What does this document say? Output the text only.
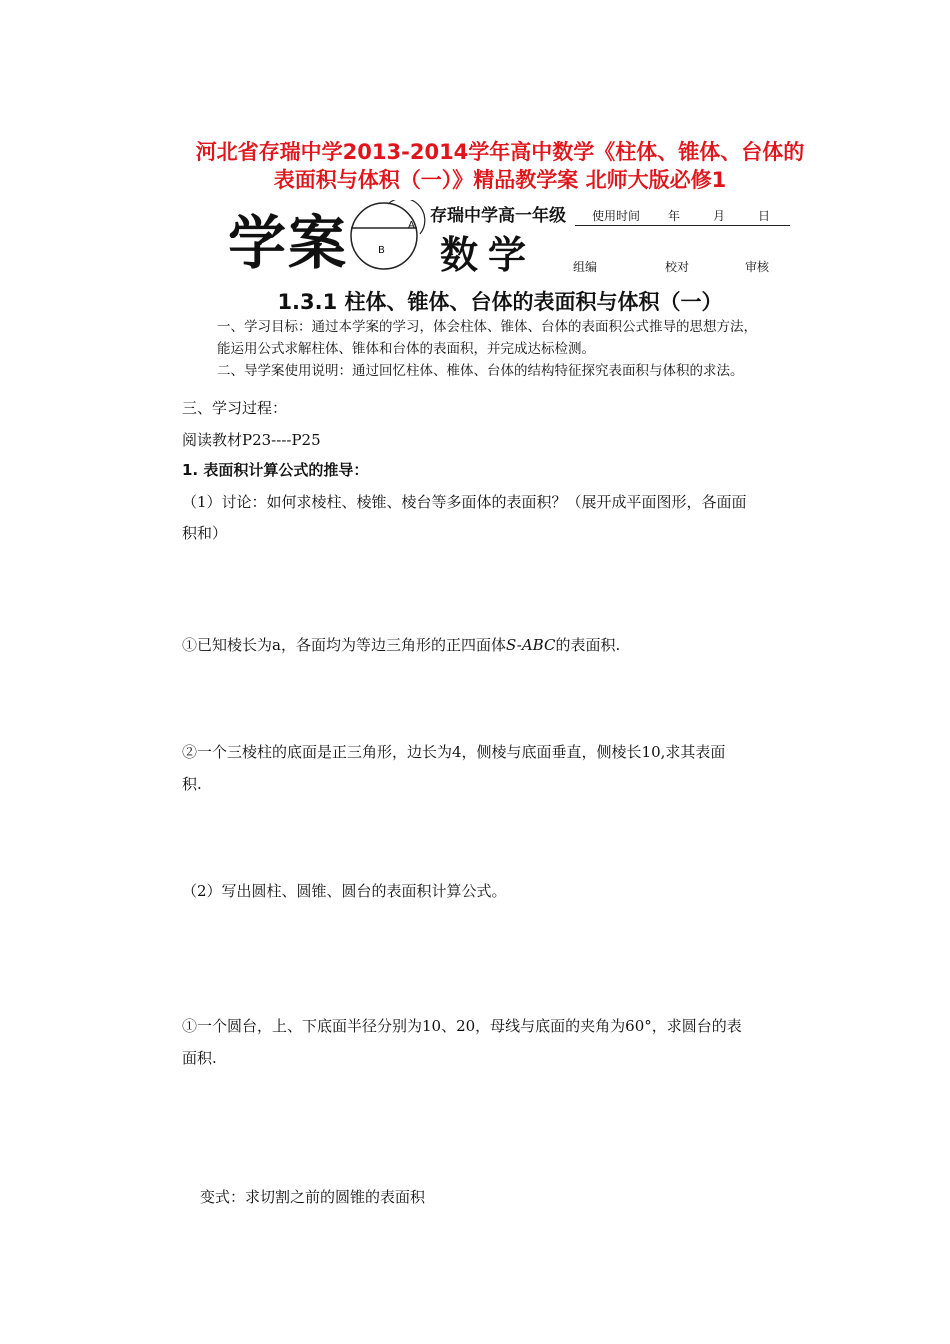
河北省存瑞中学2013-2014学年高中数学《柱体、锥体、台体的
表面积与体积（一）》精品教学案 北师大版必修1
学案	A
B
存瑞中学高一年级 使用时间 年	月	日
数学	组编	校对	审核
1.3.1 柱体、锥体、台体的表面积与体积（一）
一、学习目标：通过本学案的学习，体会柱体、锥体、台体的表面积公式推导的思想方法，
能运用公式求解柱体、锥体和台体的表面积，并完成达标检测。
二、导学案使用说明：通过回忆柱体、椎体、台体的结构特征探究表面积与体积的求法。
三、学习过程：
阅读教材P23----P25
1. 表面积计算公式的推导：
（1）讨论：如何求棱柱、棱锥、棱台等多面体的表面积？（展开成平面图形，各面面
积和）
①已知棱长为a，各面均为等边三角形的正四面体S-ABC的表面积.
②一个三棱柱的底面是正三角形，边长为4，侧棱与底面垂直，侧棱长10,求其表面
积.
（2）写出圆柱、圆锥、圆台的表面积计算公式。
①一个圆台，上、下底面半径分别为10、20，母线与底面的夹角为60°，求圆台的表
面积.
变式：求切割之前的圆锥的表面积
